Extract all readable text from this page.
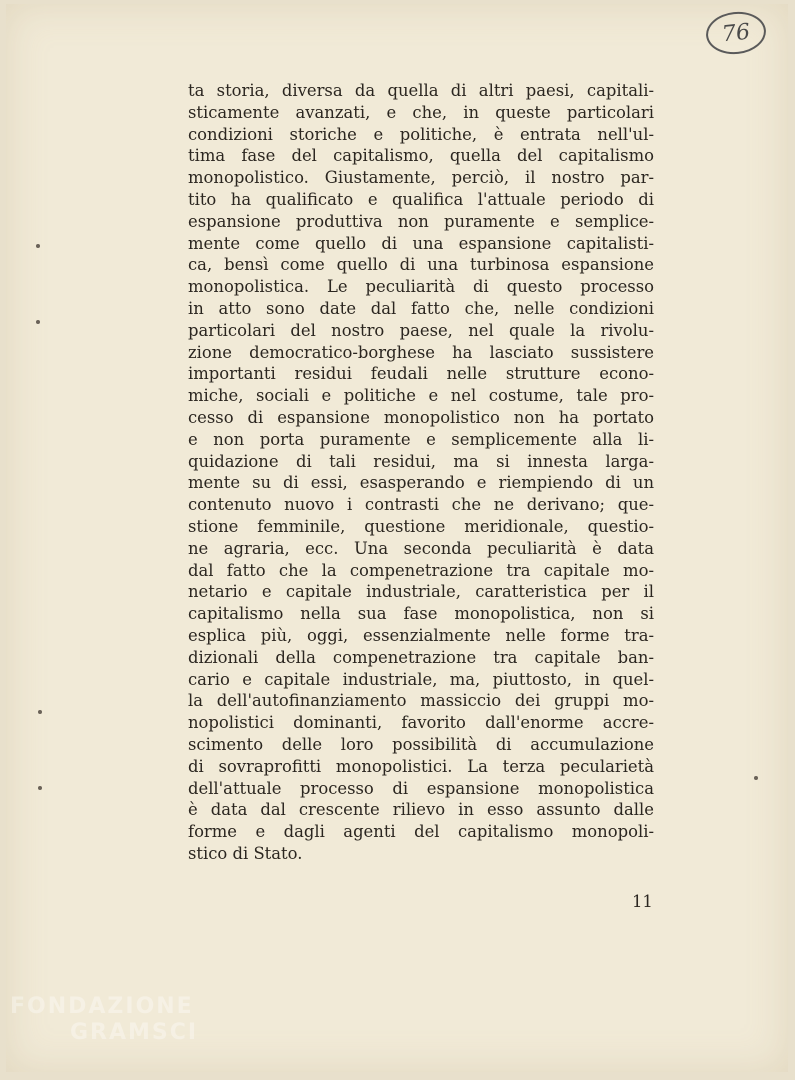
76
ta storia, diversa da quella di altri paesi, capitali-
sticamente avanzati, e che, in queste particolari
condizioni storiche e politiche, è entrata nell'ul-
tima fase del capitalismo, quella del capitalismo
monopolistico. Giustamente, perciò, il nostro par-
tito ha qualificato e qualifica l'attuale periodo di
espansione produttiva non puramente e semplice-
mente come quello di una espansione capitalisti-
ca, bensì come quello di una turbinosa espansione
monopolistica. Le peculiarità di questo processo
in atto sono date dal fatto che, nelle condizioni
particolari del nostro paese, nel quale la rivolu-
zione democratico-borghese ha lasciato sussistere
importanti residui feudali nelle strutture econo-
miche, sociali e politiche e nel costume, tale pro-
cesso di espansione monopolistico non ha portato
e non porta puramente e semplicemente alla li-
quidazione di tali residui, ma si innesta larga-
mente su di essi, esasperando e riempiendo di un
contenuto nuovo i contrasti che ne derivano; que-
stione femminile, questione meridionale, questio-
ne agraria, ecc. Una seconda peculiarità è data
dal fatto che la compenetrazione tra capitale mo-
netario e capitale industriale, caratteristica per il
capitalismo nella sua fase monopolistica, non si
esplica più, oggi, essenzialmente nelle forme tra-
dizionali della compenetrazione tra capitale ban-
cario e capitale industriale, ma, piuttosto, in quel-
la dell'autofinanziamento massiccio dei gruppi mo-
nopolistici dominanti, favorito dall'enorme accre-
scimento delle loro possibilità di accumulazione
di sovraprofitti monopolistici. La terza pecularietà
dell'attuale processo di espansione monopolistica
è data dal crescente rilievo in esso assunto dalle
forme e dagli agenti del capitalismo monopoli-
stico di Stato.
11
FONDAZIONE
GRAMSCI
